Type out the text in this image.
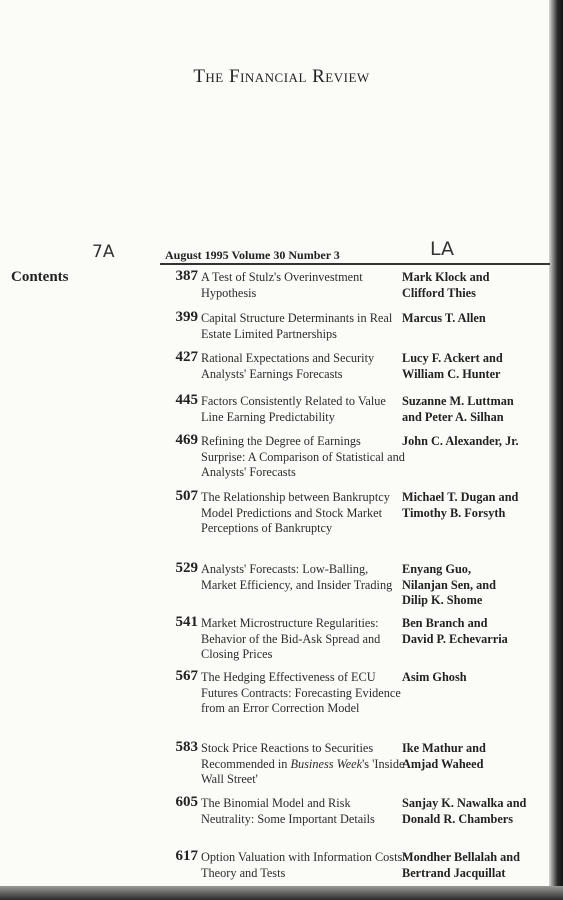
The Financial Review
7A	LA
August 1995 Volume 30 Number 3
Contents	387 A Test of Stulz's Overinvestment Hypothesis
Mark Klock and
Clifford Thies
399 Capital Structure Determinants in Real Estate Limited Partnerships
Marcus T. Allen
427 Rational Expectations and Security Analysts' Earnings Forecasts
Lucy F. Ackert and
William C. Hunter
445 Factors Consistently Related to Value Line Earning Predictability
Suzanne M. Luttman
and Peter A. Silhan
469 Refining the Degree of Earnings Surprise: A Comparison of Statistical and Analysts' Forecasts
John C. Alexander, Jr.
507 The Relationship between Bankruptcy Model Predictions and Stock Market Perceptions of Bankruptcy
Michael T. Dugan and
Timothy B. Forsyth
529 Analysts' Forecasts: Low-Balling, Market Efficiency, and Insider Trading
Enyang Guo,
Nilanjan Sen, and
Dilip K. Shome
541 Market Microstructure Regularities: Behavior of the Bid-Ask Spread and Closing Prices
Ben Branch and
David P. Echevarria
567 The Hedging Effectiveness of ECU Futures Contracts: Forecasting Evidence from an Error Correction Model
Asim Ghosh
583 Stock Price Reactions to Securities Recommended in Business Week's 'Inside Wall Street'
Ike Mathur and
Amjad Waheed
605 The Binomial Model and Risk Neutrality: Some Important Details
Sanjay K. Nawalka and
Donald R. Chambers
617 Option Valuation with Information Costs: Theory and Tests
Mondher Bellalah and
Bertrand Jacquillat
